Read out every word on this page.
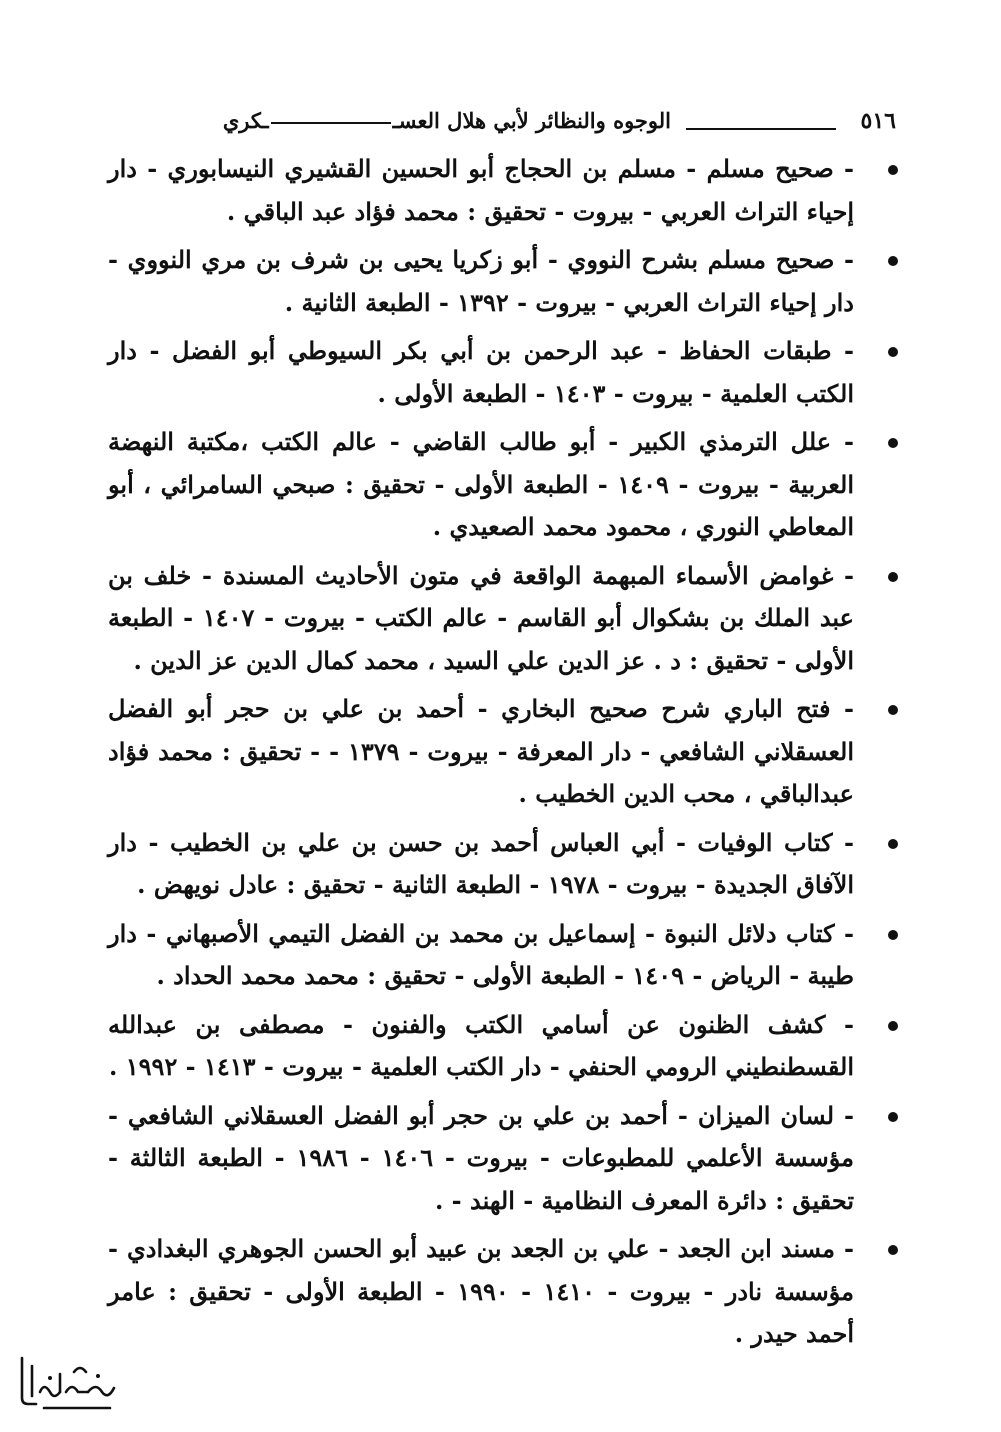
٥١٦
الوجوه والنظائر لأبي هلال العســكري
- صحيح مسلم - مسلم بن الحجاج أبو الحسين القشيري النيسابوري - دار إحياء التراث العربي - بيروت - تحقيق : محمد فؤاد عبد الباقي .
- صحيح مسلم بشرح النووي - أبو زكريا يحيى بن شرف بن مري النووي - دار إحياء التراث العربي - بيروت - ١٣٩٢ - الطبعة الثانية .
- طبقات الحفاظ - عبد الرحمن بن أبي بكر السيوطي أبو الفضل - دار الكتب العلمية - بيروت - ١٤٠٣ - الطبعة الأولى .
- علل الترمذي الكبير - أبو طالب القاضي - عالم الكتب ،مكتبة النهضة العربية - بيروت - ١٤٠٩ - الطبعة الأولى - تحقيق : صبحي السامرائي ، أبو المعاطي النوري ، محمود محمد الصعيدي .
- غوامض الأسماء المبهمة الواقعة في متون الأحاديث المسندة - خلف بن عبد الملك بن بشكوال أبو القاسم - عالم الكتب - بيروت - ١٤٠٧ - الطبعة الأولى - تحقيق : د . عز الدين علي السيد ، محمد كمال الدين عز الدين .
- فتح الباري شرح صحيح البخاري - أحمد بن علي بن حجر أبو الفضل العسقلاني الشافعي - دار المعرفة - بيروت - ١٣٧٩ - - تحقيق : محمد فؤاد عبدالباقي ، محب الدين الخطيب .
- كتاب الوفيات - أبي العباس أحمد بن حسن بن علي بن الخطيب - دار الآفاق الجديدة - بيروت - ١٩٧٨ - الطبعة الثانية - تحقيق : عادل نويهض .
- كتاب دلائل النبوة - إسماعيل بن محمد بن الفضل التيمي الأصبهاني - دار طيبة - الرياض - ١٤٠٩ - الطبعة الأولى - تحقيق : محمد محمد الحداد .
- كشف الظنون عن أسامي الكتب والفنون - مصطفى بن عبدالله القسطنطيني الرومي الحنفي - دار الكتب العلمية - بيروت - ١٤١٣ - ١٩٩٢ .
- لسان الميزان - أحمد بن علي بن حجر أبو الفضل العسقلاني الشافعي - مؤسسة الأعلمي للمطبوعات - بيروت - ١٤٠٦ - ١٩٨٦ - الطبعة الثالثة - تحقيق : دائرة المعرف النظامية - الهند - .
- مسند ابن الجعد - علي بن الجعد بن عبيد أبو الحسن الجوهري البغدادي - مؤسسة نادر - بيروت - ١٤١٠ - ١٩٩٠ - الطبعة الأولى - تحقيق : عامر أحمد حيدر .
